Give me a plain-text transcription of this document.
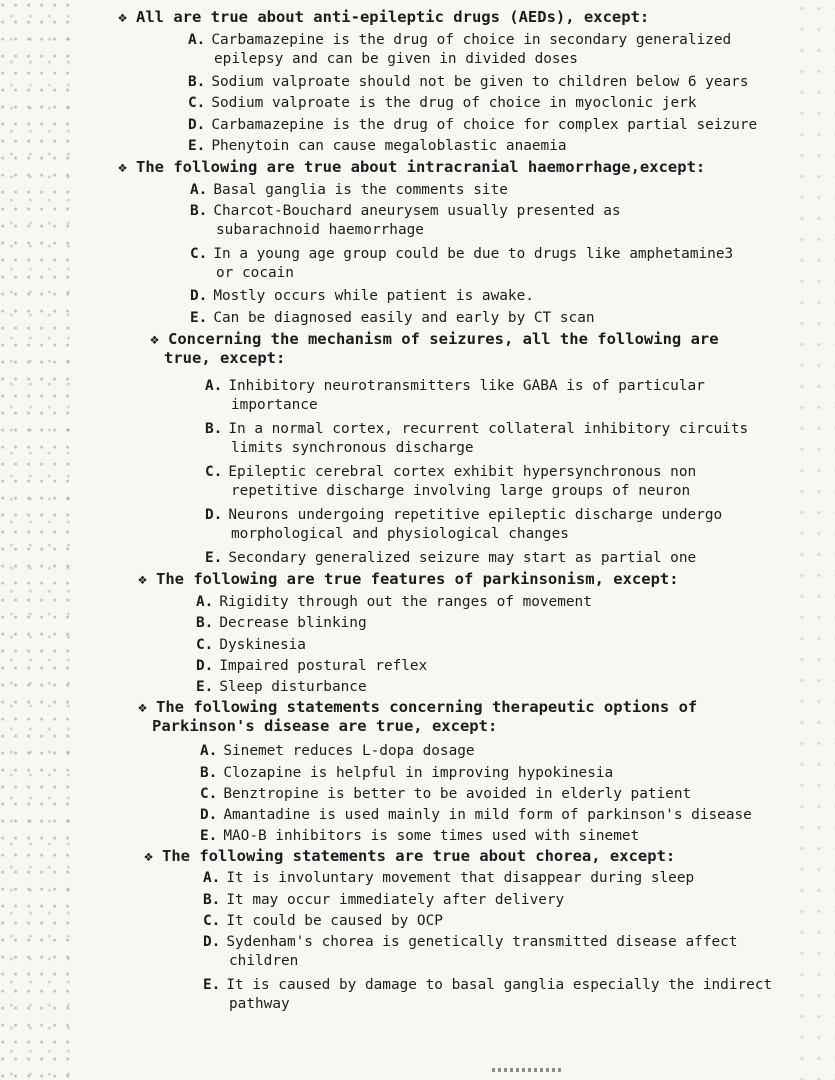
❖ All are true about anti-epileptic drugs (AEDs), except:
A. Carbamazepine is the drug of choice in secondary generalized
epilepsy and can be given in divided doses
B. Sodium valproate should not be given to children below 6 years
C. Sodium valproate is the drug of choice in myoclonic jerk
D. Carbamazepine is the drug of choice for complex partial seizure
E. Phenytoin can cause megaloblastic anaemia
❖ The following are true about intracranial haemorrhage,except:
A. Basal ganglia is the comments site
B. Charcot-Bouchard aneurysem usually presented as
subarachnoid haemorrhage
C. In a young age group could be due to drugs like amphetamine3
or cocain
D. Mostly occurs while patient is awake.
E. Can be diagnosed easily and early by CT scan
❖ Concerning the mechanism of seizures, all the following are
true, except:
A. Inhibitory neurotransmitters like GABA is of particular
importance
B. In a normal cortex, recurrent collateral inhibitory circuits
limits synchronous discharge
C. Epileptic cerebral cortex exhibit hypersynchronous non
repetitive discharge involving large groups of neuron
D. Neurons undergoing repetitive epileptic discharge undergo
morphological and physiological changes
E. Secondary generalized seizure may start as partial one
❖ The following are true features of parkinsonism, except:
A. Rigidity through out the ranges of movement
B. Decrease blinking
C. Dyskinesia
D. Impaired postural reflex
E. Sleep disturbance
❖ The following statements concerning therapeutic options of
Parkinson's disease are true, except:
A. Sinemet reduces L-dopa dosage
B. Clozapine is helpful in improving hypokinesia
C. Benztropine is better to be avoided in elderly patient
D. Amantadine is used mainly in mild form of parkinson's disease
E. MAO-B inhibitors is some times used with sinemet
❖ The following statements are true about chorea, except:
A. It is involuntary movement that disappear during sleep
B. It may occur immediately after delivery
C. It could be caused by OCP
D. Sydenham's chorea is genetically transmitted disease affect
children
E. It is caused by damage to basal ganglia especially the indirect
pathway
